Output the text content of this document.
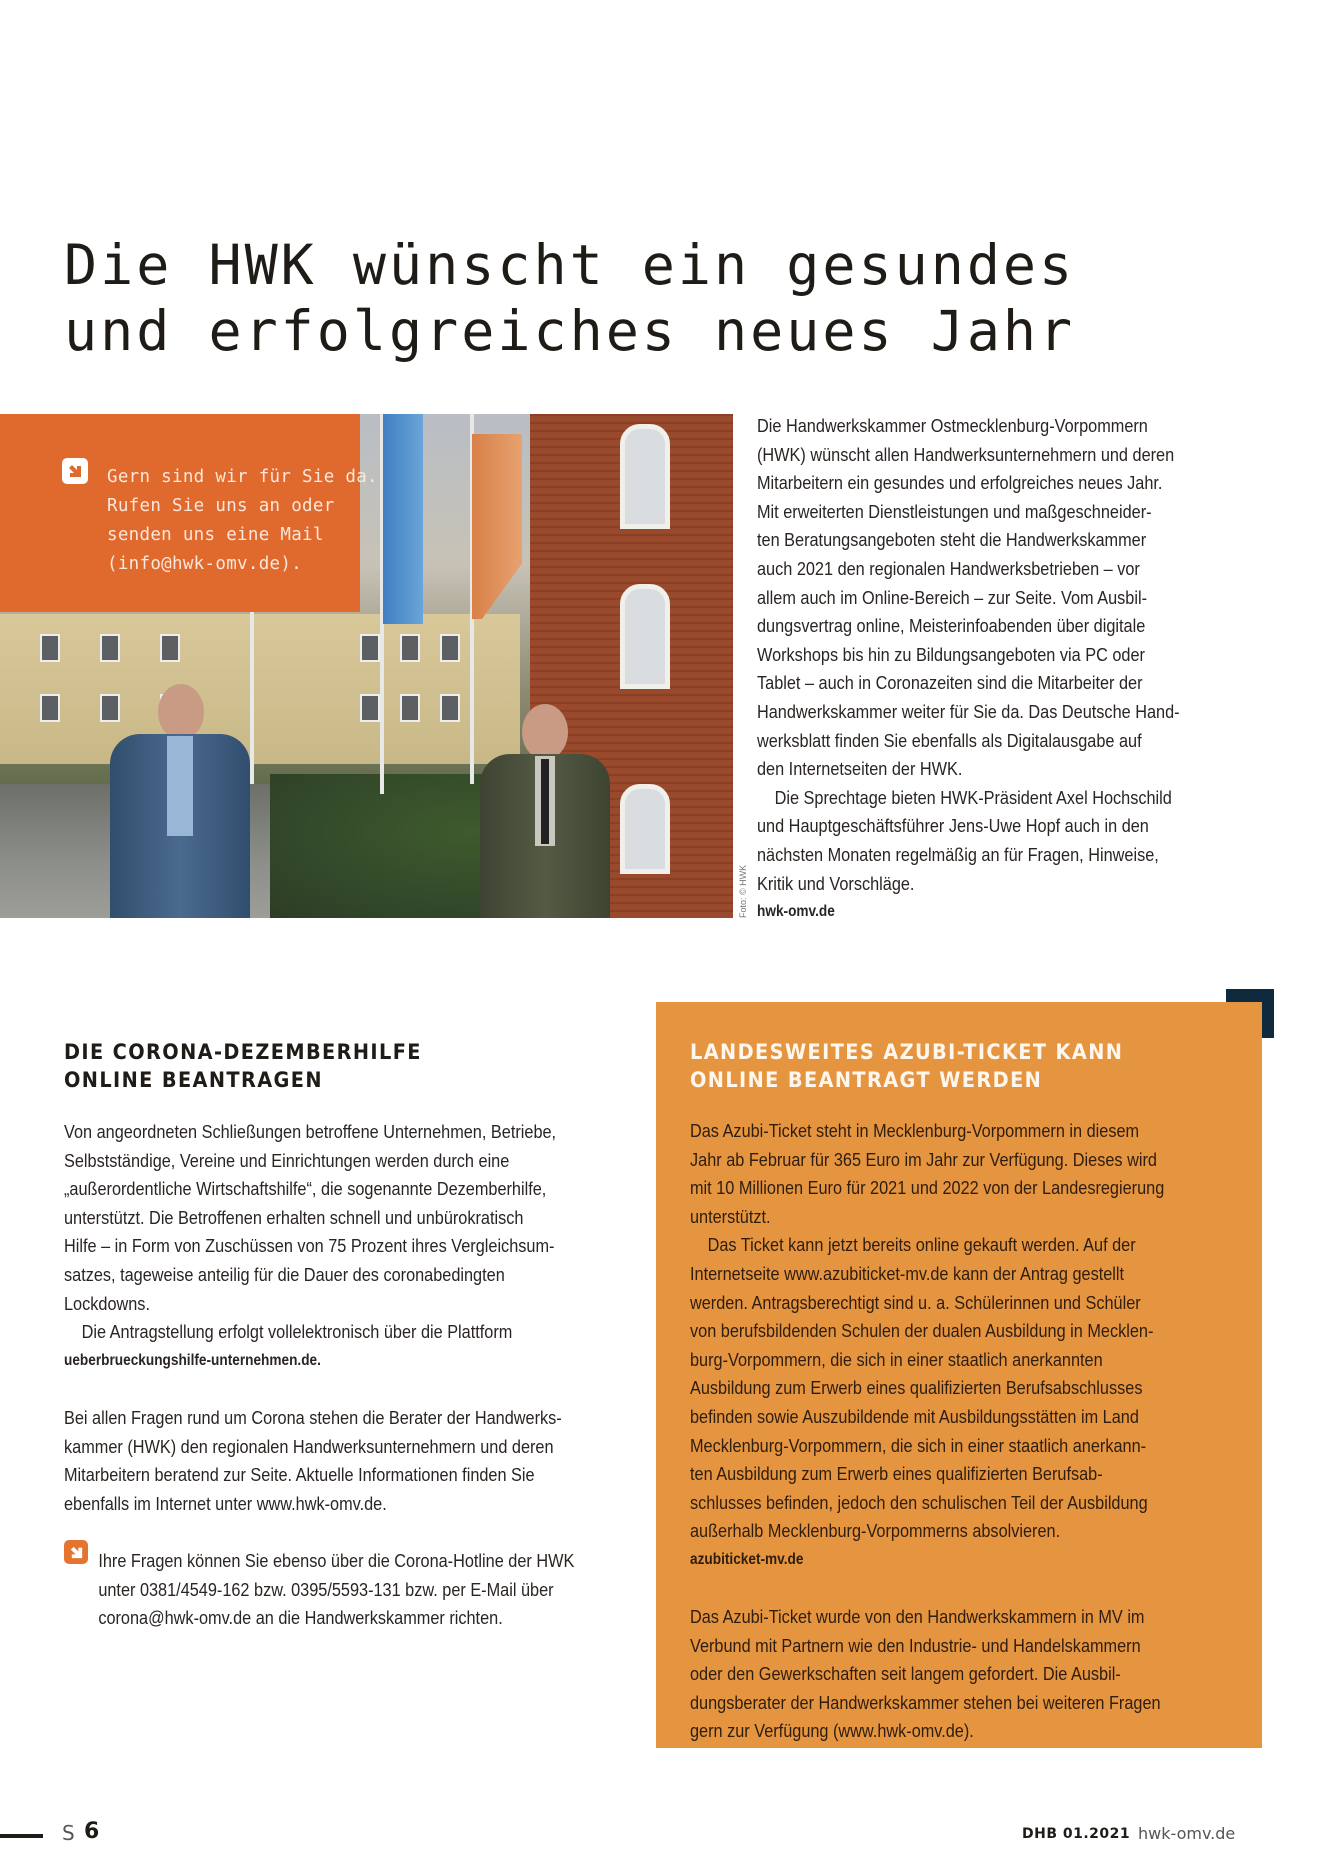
Die HWK wünscht ein gesundes
und erfolgreiches neues Jahr
Gern sind wir für Sie da.
Rufen Sie uns an oder
senden uns eine Mail
(info@hwk-omv.de).
Foto: © HWK
Die Handwerkskammer Ostmecklenburg-Vorpommern
(HWK) wünscht allen Handwerksunternehmern und deren
Mitarbeitern ein gesundes und erfolgreiches neues Jahr.
Mit erweiterten Dienstleistungen und maßgeschneider-
ten Beratungsangeboten steht die Handwerkskammer
auch 2021 den regionalen Handwerksbetrieben – vor
allem auch im Online-Bereich – zur Seite. Vom Ausbil-
dungsvertrag online, Meisterinfoabenden über digitale
Workshops bis hin zu Bildungsangeboten via PC oder
Tablet – auch in Coronazeiten sind die Mitarbeiter der
Handwerkskammer weiter für Sie da. Das Deutsche Hand-
werksblatt finden Sie ebenfalls als Digitalausgabe auf
den Internetseiten der HWK.
Die Sprechtage bieten HWK-Präsident Axel Hochschild
und Hauptgeschäftsführer Jens-Uwe Hopf auch in den
nächsten Monaten regelmäßig an für Fragen, Hinweise,
Kritik und Vorschläge.
hwk-omv.de
DIE CORONA-DEZEMBERHILFE
ONLINE BEANTRAGEN
Von angeordneten Schließungen betroffene Unternehmen, Betriebe,
Selbstständige, Vereine und Einrichtungen werden durch eine
„außerordentliche Wirtschaftshilfe“, die sogenannte Dezemberhilfe,
unterstützt. Die Betroffenen erhalten schnell und unbürokratisch
Hilfe – in Form von Zuschüssen von 75 Prozent ihres Vergleichsum-
satzes, tageweise anteilig für die Dauer des coronabedingten
Lockdowns.
Die Antragstellung erfolgt vollelektronisch über die Plattform
ueberbrueckungshilfe-unternehmen.de.
Bei allen Fragen rund um Corona stehen die Berater der Handwerks-
kammer (HWK) den regionalen Handwerksunternehmern und deren
Mitarbeitern beratend zur Seite. Aktuelle Informationen finden Sie
ebenfalls im Internet unter www.hwk-omv.de.
Ihre Fragen können Sie ebenso über die Corona-Hotline der HWK
unter 0381/4549-162 bzw. 0395/5593-131 bzw. per E-Mail über
corona@hwk-omv.de an die Handwerkskammer richten.
LANDESWEITES AZUBI-TICKET KANN
ONLINE BEANTRAGT WERDEN
Das Azubi-Ticket steht in Mecklenburg-Vorpommern in diesem
Jahr ab Februar für 365 Euro im Jahr zur Verfügung. Dieses wird
mit 10 Millionen Euro für 2021 und 2022 von der Landesregierung
unterstützt.
Das Ticket kann jetzt bereits online gekauft werden. Auf der
Internetseite www.azubiticket-mv.de kann der Antrag gestellt
werden. Antragsberechtigt sind u. a. Schülerinnen und Schüler
von berufsbildenden Schulen der dualen Ausbildung in Mecklen-
burg-Vorpommern, die sich in einer staatlich anerkannten
Ausbildung zum Erwerb eines qualifizierten Berufsabschlusses
befinden sowie Auszubildende mit Ausbildungsstätten im Land
Mecklenburg-Vorpommern, die sich in einer staatlich anerkann-
ten Ausbildung zum Erwerb eines qualifizierten Berufsab-
schlusses befinden, jedoch den schulischen Teil der Ausbildung
außerhalb Mecklenburg-Vorpommerns absolvieren.
azubiticket-mv.de
Das Azubi-Ticket wurde von den Handwerkskammern in MV im
Verbund mit Partnern wie den Industrie- und Handelskammern
oder den Gewerkschaften seit langem gefordert. Die Ausbil-
dungsberater der Handwerkskammer stehen bei weiteren Fragen
gern zur Verfügung (www.hwk-omv.de).
S 6	DHB 01.2021 hwk-omv.de
